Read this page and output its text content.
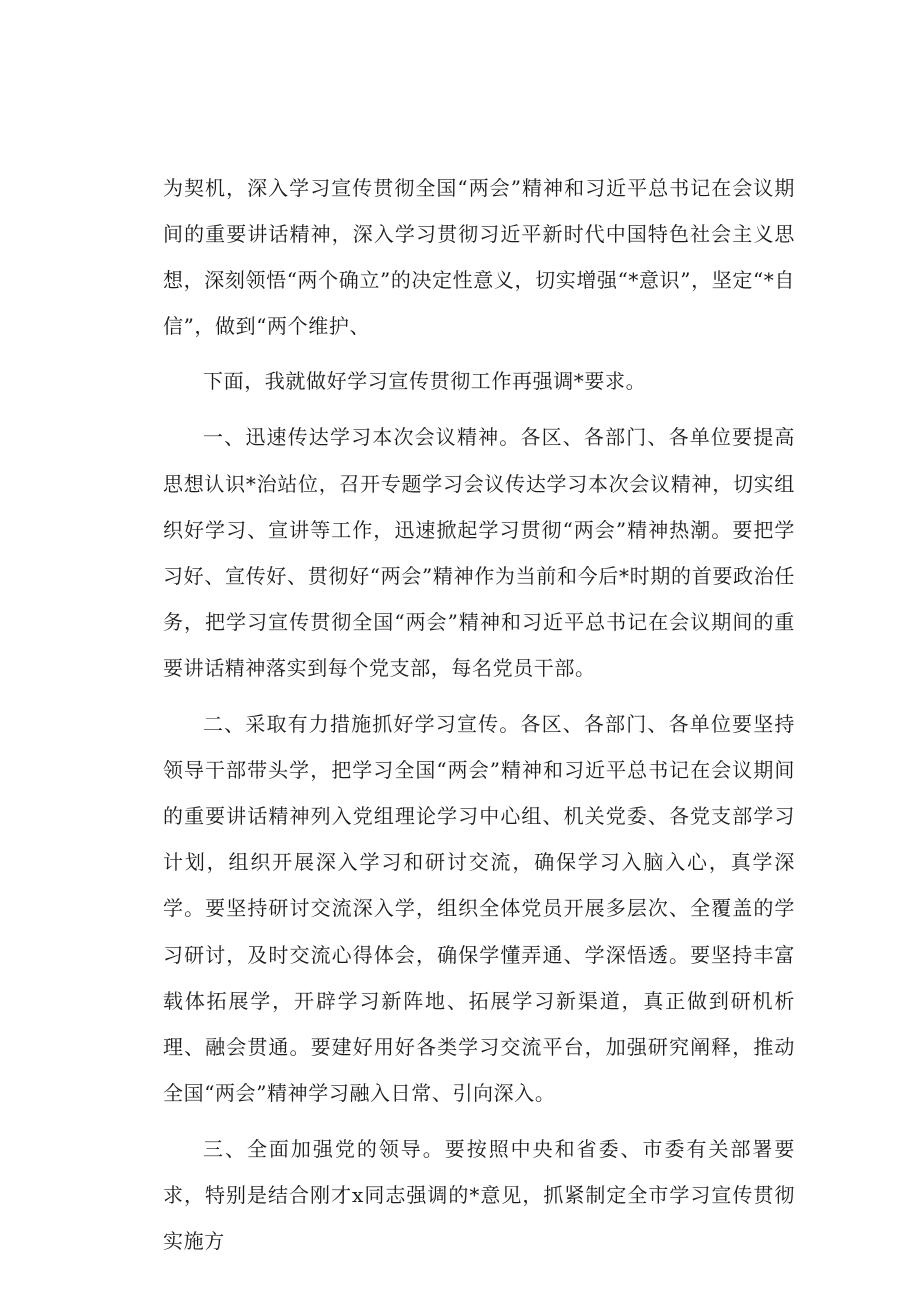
为契机，深入学习宣传贯彻全国“两会”精神和习近平总书记在会议期间的重要讲话精神，深入学习贯彻习近平新时代中国特色社会主义思想，深刻领悟“两个确立”的决定性意义，切实增强“*意识”，坚定“*自信”，做到“两个维护、

下面，我就做好学习宣传贯彻工作再强调*要求。

一、迅速传达学习本次会议精神。各区、各部门、各单位要提高思想认识*治站位，召开专题学习会议传达学习本次会议精神，切实组织好学习、宣讲等工作，迅速掀起学习贯彻“两会”精神热潮。要把学习好、宣传好、贯彻好“两会”精神作为当前和今后*时期的首要政治任务，把学习宣传贯彻全国“两会”精神和习近平总书记在会议期间的重要讲话精神落实到每个党支部，每名党员干部。

二、采取有力措施抓好学习宣传。各区、各部门、各单位要坚持领导干部带头学，把学习全国“两会”精神和习近平总书记在会议期间的重要讲话精神列入党组理论学习中心组、机关党委、各党支部学习计划，组织开展深入学习和研讨交流，确保学习入脑入心，真学深学。要坚持研讨交流深入学，组织全体党员开展多层次、全覆盖的学习研讨，及时交流心得体会，确保学懂弄通、学深悟透。要坚持丰富载体拓展学，开辟学习新阵地、拓展学习新渠道，真正做到研机析理、融会贯通。要建好用好各类学习交流平台，加强研究阐释，推动全国“两会”精神学习融入日常、引向深入。

三、全面加强党的领导。要按照中央和省委、市委有关部署要求，特别是结合刚才x同志强调的*意见，抓紧制定全市学习宣传贯彻实施方
